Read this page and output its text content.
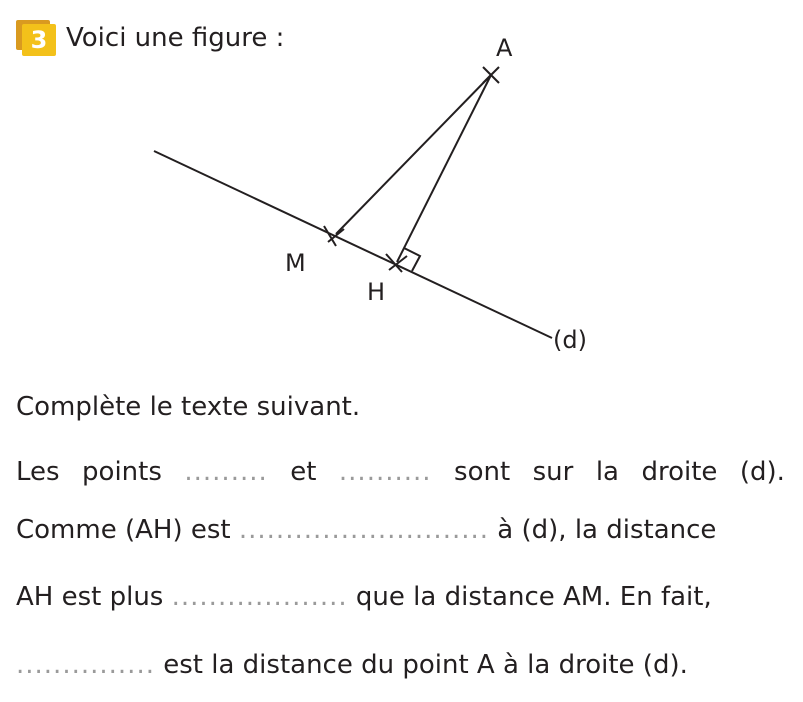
3 Voici une figure :	A
M
H
(d)
Complète le texte suivant.
Les points ......... et .......... sont sur la droite (d).
Comme (AH) est ........................... à (d), la distance
AH est plus ................... que la distance AM. En fait,
............... est la distance du point A à la droite (d).
